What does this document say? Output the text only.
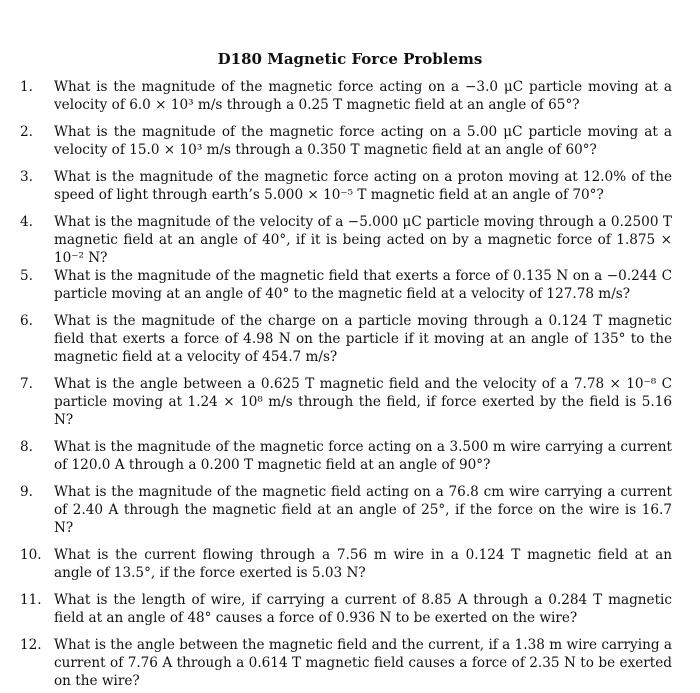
D180 Magnetic Force Problems
1.	What is the magnitude of the magnetic force acting on a −3.0 μC particle moving at a velocity of 6.0 × 10³ m/s through a 0.25 T magnetic field at an angle of 65°?
2.	What is the magnitude of the magnetic force acting on a 5.00 μC particle moving at a velocity of 15.0 × 10³ m/s through a 0.350 T magnetic field at an angle of 60°?
3.	What is the magnitude of the magnetic force acting on a proton moving at 12.0% of the speed of light through earth’s 5.000 × 10⁻⁵ T magnetic field at an angle of 70°?
4.	What is the magnitude of the velocity of a −5.000 μC particle moving through a 0.2500 T magnetic field at an angle of 40°, if it is being acted on by a magnetic force of 1.875 × 10⁻² N?
5.	What is the magnitude of the magnetic field that exerts a force of 0.135 N on a −0.244 C particle moving at an angle of 40° to the magnetic field at a velocity of 127.78 m/s?
6.	What is the magnitude of the charge on a particle moving through a 0.124 T magnetic field that exerts a force of 4.98 N on the particle if it moving at an angle of 135° to the magnetic field at a velocity of 454.7 m/s?
7.	What is the angle between a 0.625 T magnetic field and the velocity of a 7.78 × 10⁻⁸ C particle moving at 1.24 × 10⁸ m/s through the field, if force exerted by the field is 5.16 N?
8.	What is the magnitude of the magnetic force acting on a 3.500 m wire carrying a current of 120.0 A through a 0.200 T magnetic field at an angle of 90°?
9.	What is the magnitude of the magnetic field acting on a 76.8 cm wire carrying a current of 2.40 A through the magnetic field at an angle of 25°, if the force on the wire is 16.7 N?
10. What is the current flowing through a 7.56 m wire in a 0.124 T magnetic field at an angle of 13.5°, if the force exerted is 5.03 N?
11. What is the length of wire, if carrying a current of 8.85 A through a 0.284 T magnetic field at an angle of 48° causes a force of 0.936 N to be exerted on the wire?
12. What is the angle between the magnetic field and the current, if a 1.38 m wire carrying a current of 7.76 A through a 0.614 T magnetic field causes a force of 2.35 N to be exerted on the wire?
